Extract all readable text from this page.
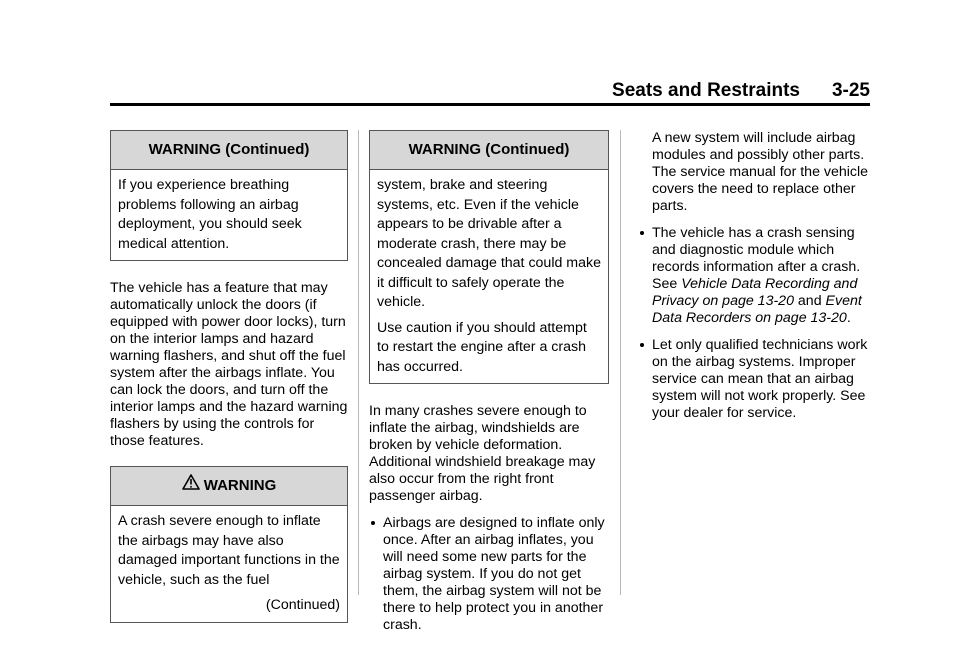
Seats and Restraints 3-25
WARNING (Continued)

If you experience breathing problems following an airbag deployment, you should seek medical attention.

The vehicle has a feature that may automatically unlock the doors (if equipped with power door locks), turn on the interior lamps and hazard warning flashers, and shut off the fuel system after the airbags inflate. You can lock the doors, and turn off the interior lamps and the hazard warning flashers by using the controls for those features.

WARNING

A crash severe enough to inflate the airbags may have also damaged important functions in the vehicle, such as the fuel

(Continued)
WARNING (Continued)

system, brake and steering systems, etc. Even if the vehicle appears to be drivable after a moderate crash, there may be concealed damage that could make it difficult to safely operate the vehicle.

Use caution if you should attempt to restart the engine after a crash has occurred.

In many crashes severe enough to inflate the airbag, windshields are broken by vehicle deformation. Additional windshield breakage may also occur from the right front passenger airbag.

Airbags are designed to inflate only once. After an airbag inflates, you will need some new parts for the airbag system. If you do not get them, the airbag system will not be there to help protect you in another crash.
A new system will include airbag modules and possibly other parts. The service manual for the vehicle covers the need to replace other parts.
The vehicle has a crash sensing and diagnostic module which records information after a crash. See Vehicle Data Recording and Privacy on page 13-20 and Event Data Recorders on page 13-20.
Let only qualified technicians work on the airbag systems. Improper service can mean that an airbag system will not work properly. See your dealer for service.
